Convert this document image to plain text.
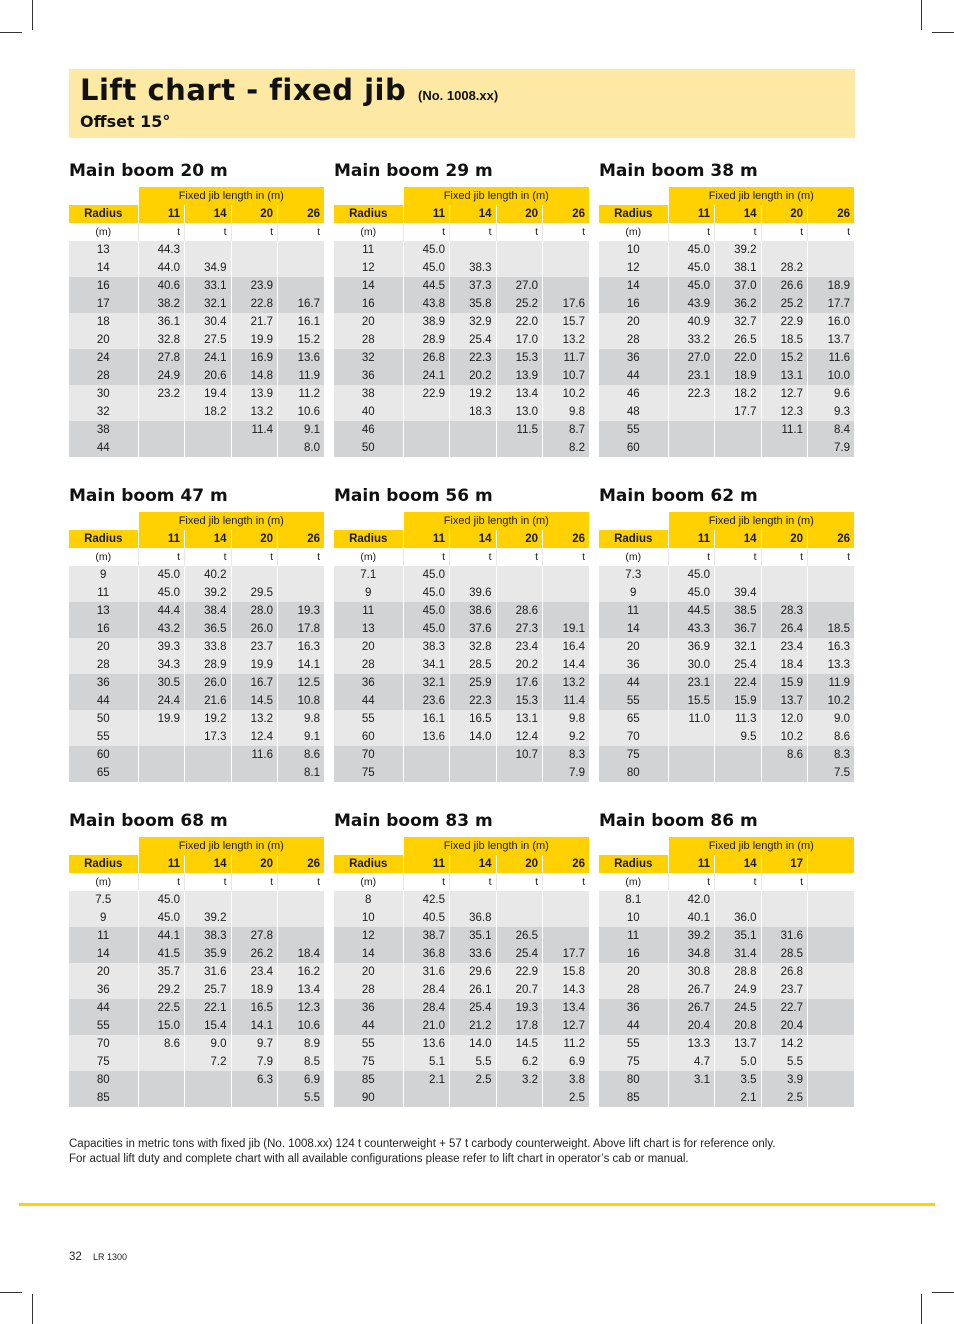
Lift chart - fixed jib (No. 1008.xx)
Offset 15°
Main boom 20 m
	Fixed jib length in (m)			
Radius	11	14	20	26
(m)	t	t	t	t
13	44.3			
14	44.0	34.9		
16	40.6	33.1	23.9	
17	38.2	32.1	22.8	16.7
18	36.1	30.4	21.7	16.1
20	32.8	27.5	19.9	15.2
24	27.8	24.1	16.9	13.6
28	24.9	20.6	14.8	11.9
30	23.2	19.4	13.9	11.2
32		18.2	13.2	10.6
38			11.4	9.1
44				8.0
Main boom 29 m
	Fixed jib length in (m)			
Radius	11	14	20	26
(m)	t	t	t	t
11	45.0			
12	45.0	38.3		
14	44.5	37.3	27.0	
16	43.8	35.8	25.2	17.6
20	38.9	32.9	22.0	15.7
28	28.9	25.4	17.0	13.2
32	26.8	22.3	15.3	11.7
36	24.1	20.2	13.9	10.7
38	22.9	19.2	13.4	10.2
40		18.3	13.0	9.8
46			11.5	8.7
50				8.2
Main boom 38 m
	Fixed jib length in (m)			
Radius	11	14	20	26
(m)	t	t	t	t
10	45.0	39.2		
12	45.0	38.1	28.2	
14	45.0	37.0	26.6	18.9
16	43.9	36.2	25.2	17.7
20	40.9	32.7	22.9	16.0
28	33.2	26.5	18.5	13.7
36	27.0	22.0	15.2	11.6
44	23.1	18.9	13.1	10.0
46	22.3	18.2	12.7	9.6
48		17.7	12.3	9.3
55			11.1	8.4
60				7.9
Main boom 47 m
	Fixed jib length in (m)			
Radius	11	14	20	26
(m)	t	t	t	t
9	45.0	40.2		
11	45.0	39.2	29.5	
13	44.4	38.4	28.0	19.3
16	43.2	36.5	26.0	17.8
20	39.3	33.8	23.7	16.3
28	34.3	28.9	19.9	14.1
36	30.5	26.0	16.7	12.5
44	24.4	21.6	14.5	10.8
50	19.9	19.2	13.2	9.8
55		17.3	12.4	9.1
60			11.6	8.6
65				8.1
Main boom 56 m
	Fixed jib length in (m)			
Radius	11	14	20	26
(m)	t	t	t	t
7.1	45.0			
9	45.0	39.6		
11	45.0	38.6	28.6	
13	45.0	37.6	27.3	19.1
20	38.3	32.8	23.4	16.4
28	34.1	28.5	20.2	14.4
36	32.1	25.9	17.6	13.2
44	23.6	22.3	15.3	11.4
55	16.1	16.5	13.1	9.8
60	13.6	14.0	12.4	9.2
70			10.7	8.3
75				7.9
Main boom 62 m
	Fixed jib length in (m)			
Radius	11	14	20	26
(m)	t	t	t	t
7.3	45.0			
9	45.0	39.4		
11	44.5	38.5	28.3	
14	43.3	36.7	26.4	18.5
20	36.9	32.1	23.4	16.3
36	30.0	25.4	18.4	13.3
44	23.1	22.4	15.9	11.9
55	15.5	15.9	13.7	10.2
65	11.0	11.3	12.0	9.0
70		9.5	10.2	8.6
75			8.6	8.3
80				7.5
Main boom 68 m
	Fixed jib length in (m)			
Radius	11	14	20	26
(m)	t	t	t	t
7.5	45.0			
9	45.0	39.2		
11	44.1	38.3	27.8	
14	41.5	35.9	26.2	18.4
20	35.7	31.6	23.4	16.2
36	29.2	25.7	18.9	13.4
44	22.5	22.1	16.5	12.3
55	15.0	15.4	14.1	10.6
70	8.6	9.0	9.7	8.9
75		7.2	7.9	8.5
80			6.3	6.9
85				5.5
Main boom 83 m
	Fixed jib length in (m)			
Radius	11	14	20	26
(m)	t	t	t	t
8	42.5			
10	40.5	36.8		
12	38.7	35.1	26.5	
14	36.8	33.6	25.4	17.7
20	31.6	29.6	22.9	15.8
28	28.4	26.1	20.7	14.3
36	28.4	25.4	19.3	13.4
44	21.0	21.2	17.8	12.7
55	13.6	14.0	14.5	11.2
75	5.1	5.5	6.2	6.9
85	2.1	2.5	3.2	3.8
90				2.5
Main boom 86 m
	Fixed jib length in (m)			
Radius	11	14	17	
(m)	t	t	t	
8.1	42.0			
10	40.1	36.0		
11	39.2	35.1	31.6	
16	34.8	31.4	28.5	
20	30.8	28.8	26.8	
28	26.7	24.9	23.7	
36	26.7	24.5	22.7	
44	20.4	20.8	20.4	
55	13.3	13.7	14.2	
75	4.7	5.0	5.5	
80	3.1	3.5	3.9	
85		2.1	2.5	
Capacities in metric tons with fixed jib (No. 1008.xx) 124 t counterweight + 57 t carbody counterweight. Above lift chart is for reference only.
For actual lift duty and complete chart with all available configurations please refer to lift chart in operator’s cab or manual.
32 LR 1300
